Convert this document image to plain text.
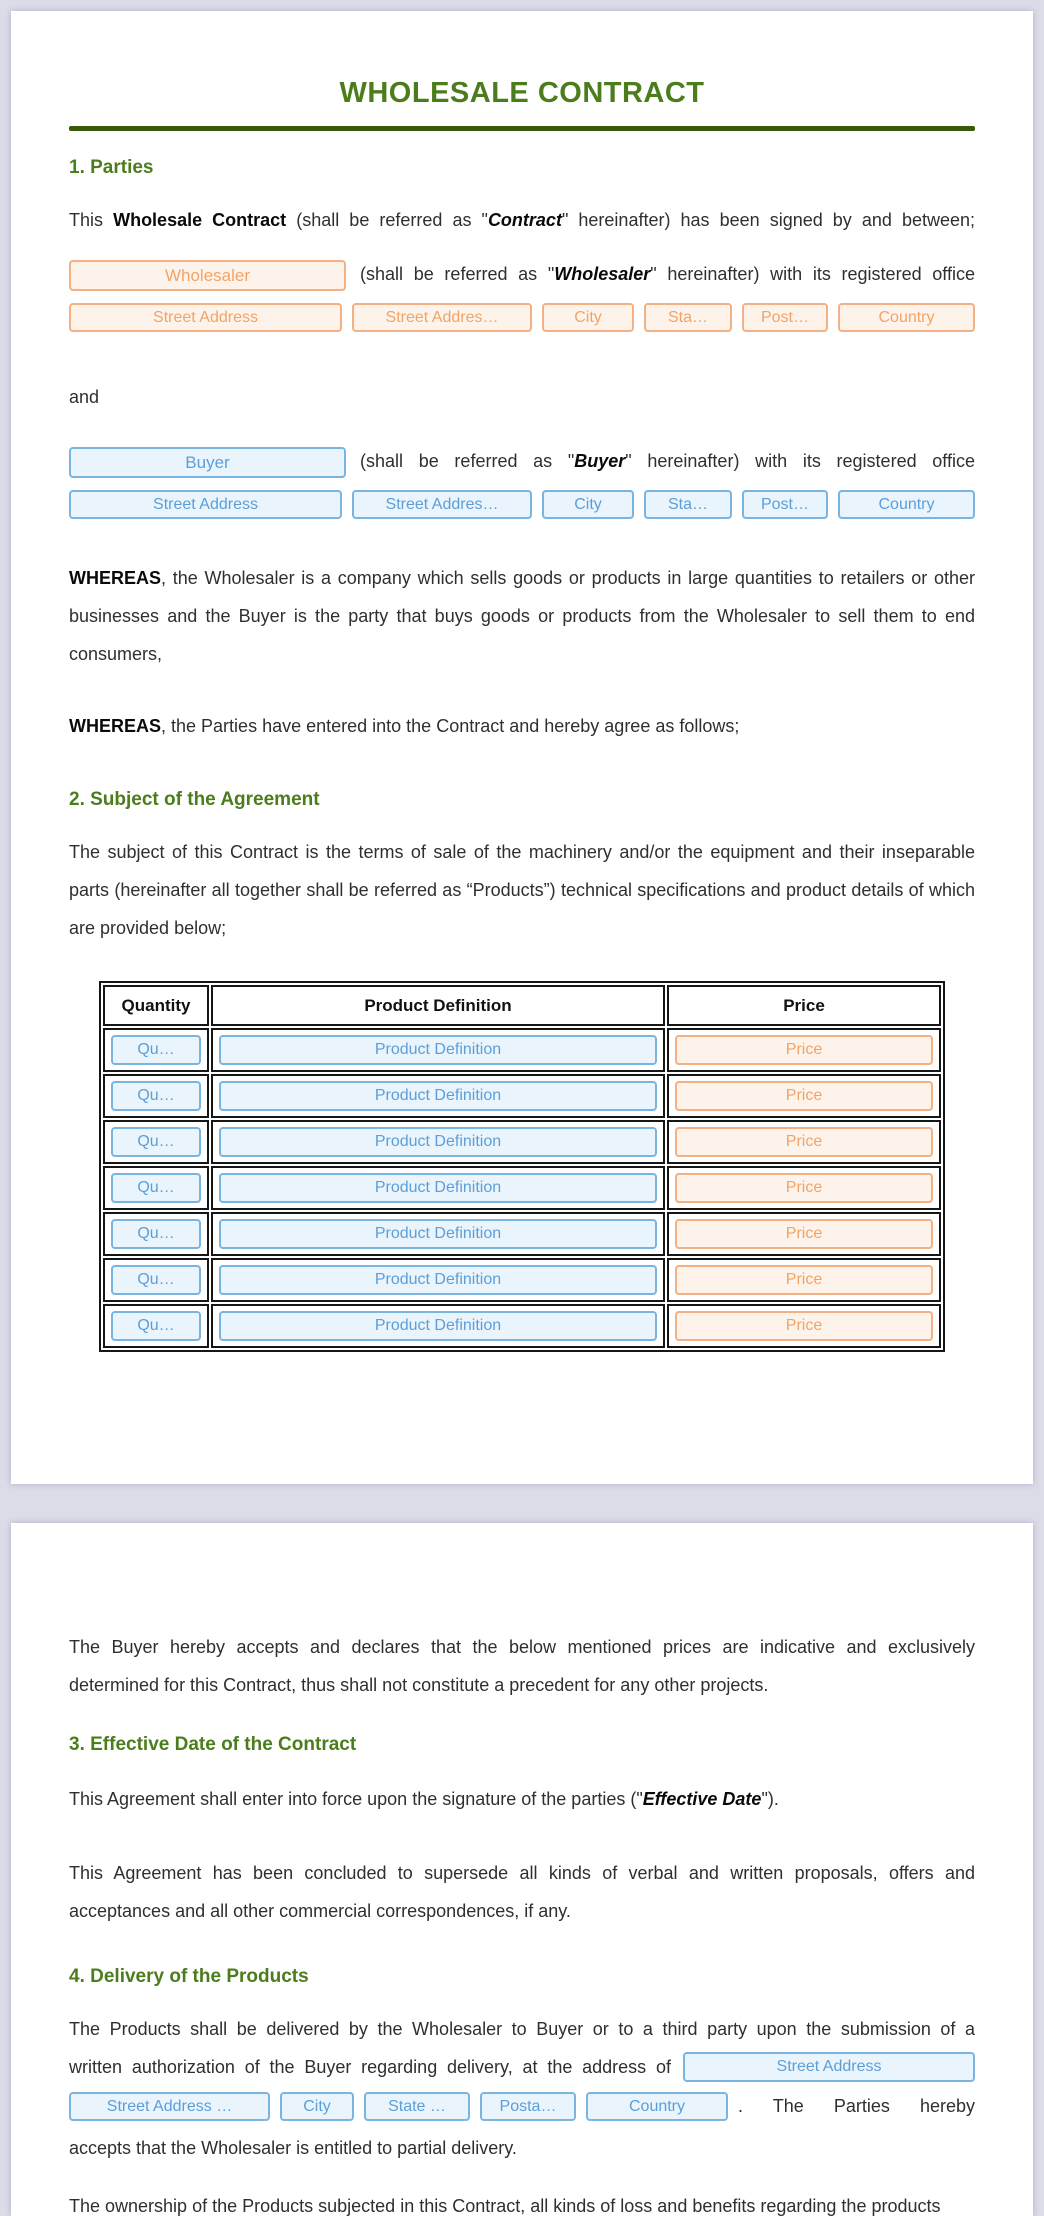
WHOLESALE CONTRACT
1. Parties

This Wholesale Contract (shall be referred as "Contract" hereinafter) has been signed by and between;

Wholesaler	(shall be referred as "Wholesaler" hereinafter) with its registered office

Street Address	Street Addres…	City	Sta…	Post…	Country

and

Buyer	(shall be referred as "Buyer" hereinafter) with its registered office

Street Address	Street Addres…	City	Sta…	Post…	Country

WHEREAS, the Wholesaler is a company which sells goods or products in large quantities to retailers or other businesses and the Buyer is the party that buys goods or products from the Wholesaler to sell them to end consumers,

WHEREAS, the Parties have entered into the Contract and hereby agree as follows;

2. Subject of the Agreement

The subject of this Contract is the terms of sale of the machinery and/or the equipment and their inseparable parts (hereinafter all together shall be referred as “Products”) technical specifications and product details of which are provided below;

Quantity	Product Definition	Price

Qu…	Product Definition	Price

Qu…	Product Definition	Price

Qu…	Product Definition	Price

Qu…	Product Definition	Price

Qu…	Product Definition	Price

Qu…	Product Definition	Price

Qu…	Product Definition	Price

The Buyer hereby accepts and declares that the below mentioned prices are indicative and exclusively determined for this Contract, thus shall not constitute a precedent for any other projects.

3. Effective Date of the Contract

This Agreement shall enter into force upon the signature of the parties ("Effective Date").

This Agreement has been concluded to supersede all kinds of verbal and written proposals, offers and acceptances and all other commercial correspondences, if any.

4. Delivery of the Products

The Products shall be delivered by the Wholesaler to Buyer or to a third party upon the submission of a

written authorization of the Buyer regarding delivery, at the address of	Street Address
Street Address …	City	State …	Posta…	Country	. The Parties hereby

accepts that the Wholesaler is entitled to partial delivery.

The ownership of the Products subjected in this Contract, all kinds of loss and benefits regarding the products
